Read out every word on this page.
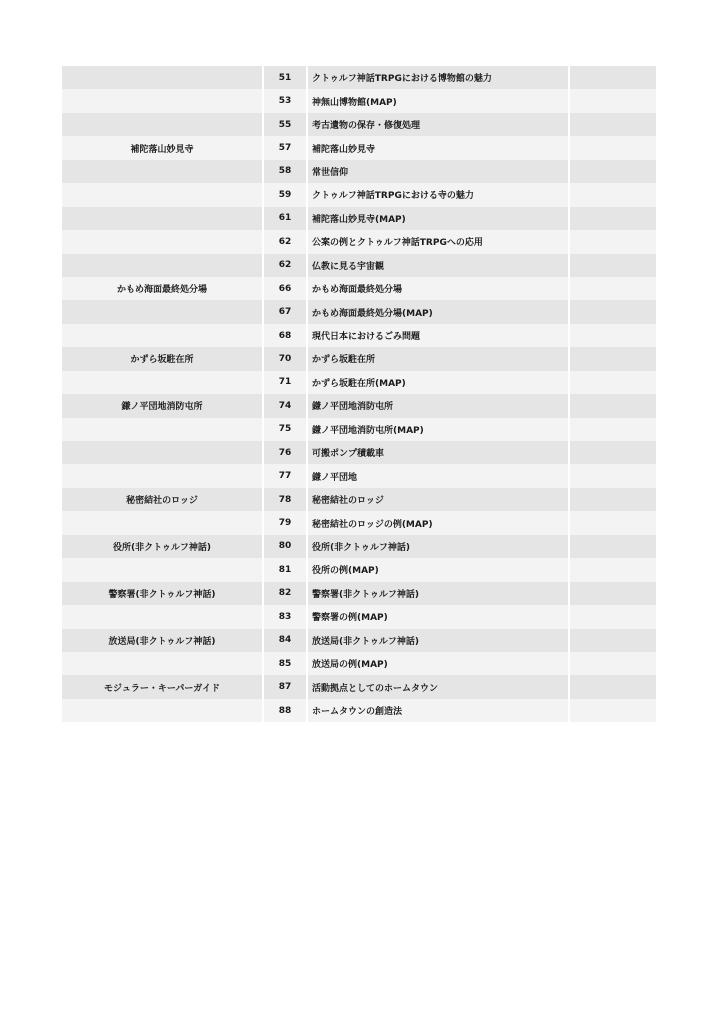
51	クトゥルフ神話TRPGにおける博物館の魅力
53	神無山博物館(MAP)
55	考古遺物の保存・修復処理
補陀落山妙見寺	57	補陀落山妙見寺
58	常世信仰
59	クトゥルフ神話TRPGにおける寺の魅力
61	補陀落山妙見寺(MAP)
62	公案の例とクトゥルフ神話TRPGへの応用
62	仏教に見る宇宙観
かもめ海面最終処分場	66	かもめ海面最終処分場
67	かもめ海面最終処分場(MAP)
68	現代日本におけるごみ問題
かずら坂駐在所	70	かずら坂駐在所
71	かずら坂駐在所(MAP)
鎌ノ平団地消防屯所	74	鎌ノ平団地消防屯所
75	鎌ノ平団地消防屯所(MAP)
76	可搬ポンプ積載車
77	鎌ノ平団地
秘密結社のロッジ	78	秘密結社のロッジ
79	秘密結社のロッジの例(MAP)
役所(非クトゥルフ神話)	80	役所(非クトゥルフ神話)
81	役所の例(MAP)
警察署(非クトゥルフ神話)	82	警察署(非クトゥルフ神話)
83	警察署の例(MAP)
放送局(非クトゥルフ神話)	84	放送局(非クトゥルフ神話)
85	放送局の例(MAP)
モジュラー・キーパーガイド	87	活動拠点としてのホームタウン
88	ホームタウンの創造法
